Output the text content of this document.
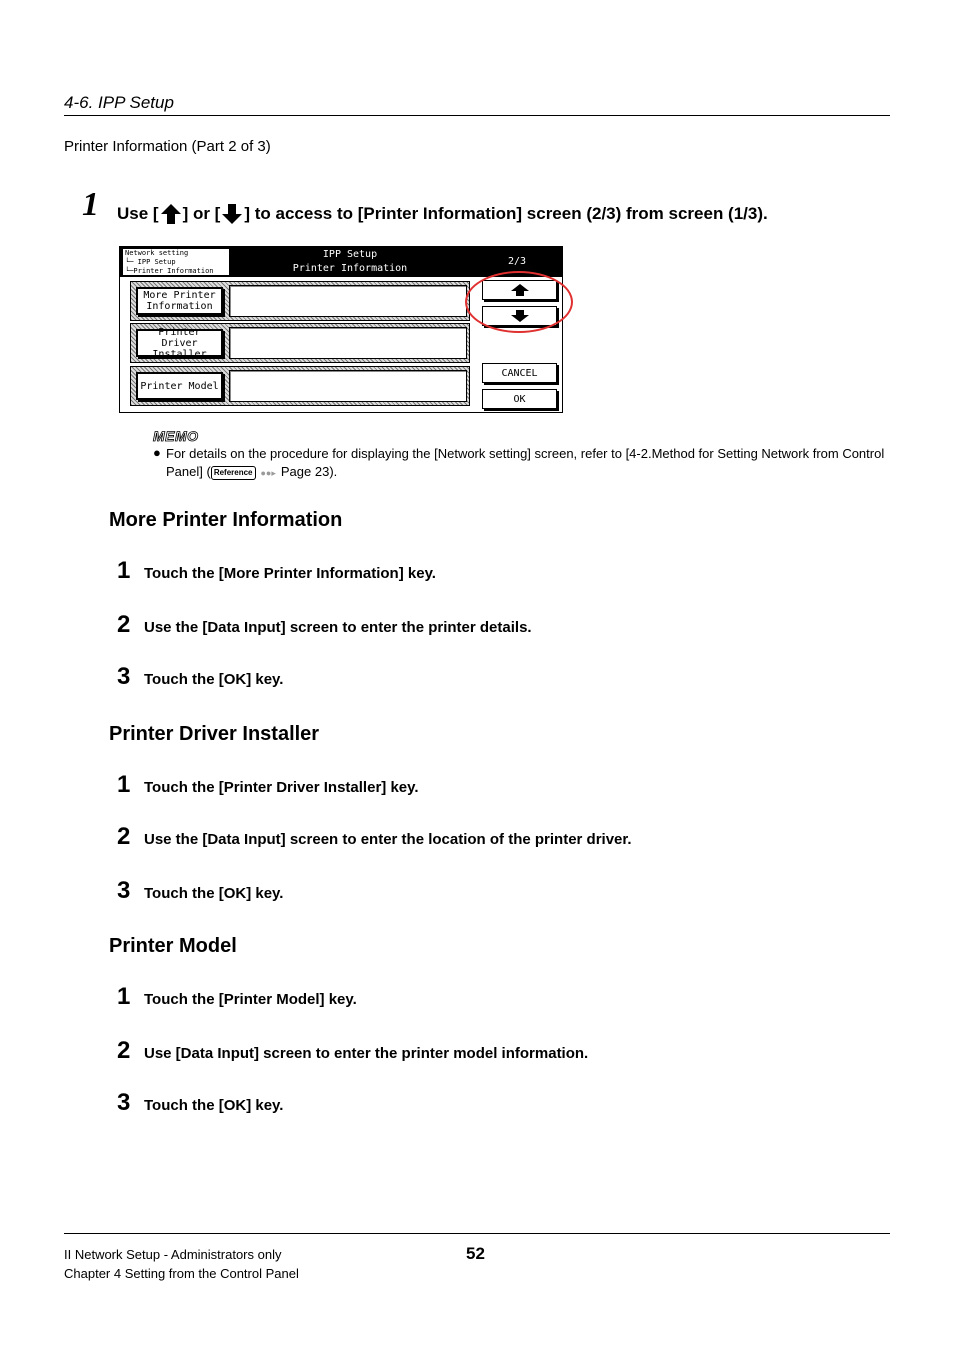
4-6. IPP Setup
Printer Information (Part 2 of 3)
1 Use [ ] or [ ] to access to [Printer Information] screen (2/3) from screen (1/3).
Network setting
└─ IPP Setup
└─Printer Information
IPP Setup
Printer Information
2/3
More Printer Information
Printer Driver Installer
Printer Model
CANCEL
OK
MEMO
● For details on the procedure for displaying the [Network setting] screen, refer to [4-2.Method for Setting Network from Control Panel] ( Reference ●●▸ Page 23).
More Printer Information
1 Touch the [More Printer Information] key.
2 Use the [Data Input] screen to enter the printer details.
3 Touch the [OK] key.
Printer Driver Installer
1 Touch the [Printer Driver Installer] key.
2 Use the [Data Input] screen to enter the location of the printer driver.
3 Touch the [OK] key.
Printer Model
1 Touch the [Printer Model] key.
2 Use [Data Input] screen to enter the printer model information.
3 Touch the [OK] key.
II Network Setup - Administrators only
Chapter 4 Setting from the Control Panel
52
